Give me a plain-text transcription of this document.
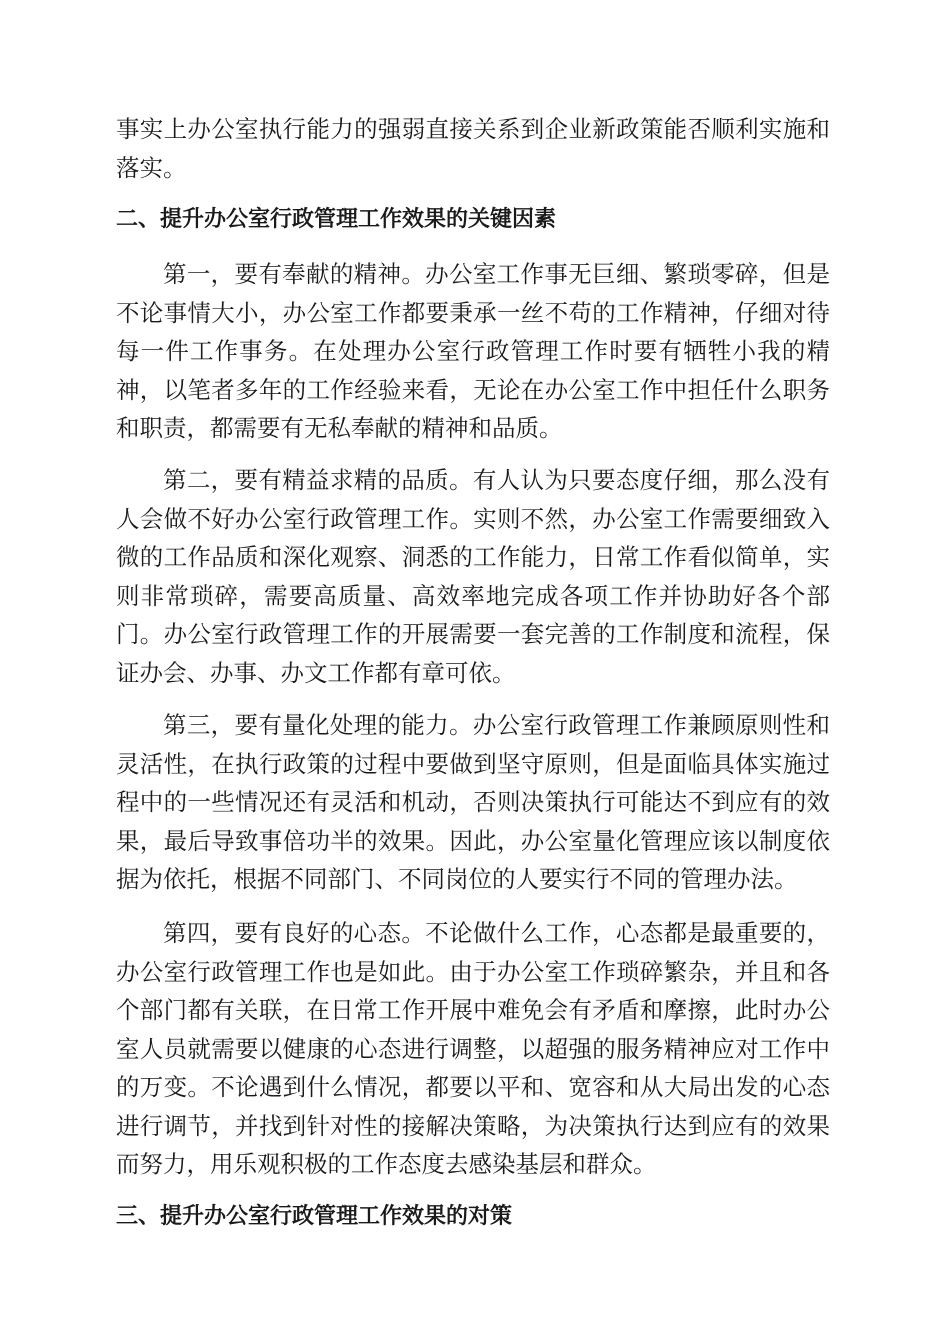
事实上办公室执行能力的强弱直接关系到企业新政策能否顺利实施和落实。

二、提升办公室行政管理工作效果的关键因素

第一，要有奉献的精神。办公室工作事无巨细、繁琐零碎，但是不论事情大小，办公室工作都要秉承一丝不苟的工作精神，仔细对待每一件工作事务。在处理办公室行政管理工作时要有牺牲小我的精神，以笔者多年的工作经验来看，无论在办公室工作中担任什么职务和职责，都需要有无私奉献的精神和品质。

第二，要有精益求精的品质。有人认为只要态度仔细，那么没有人会做不好办公室行政管理工作。实则不然，办公室工作需要细致入微的工作品质和深化观察、洞悉的工作能力，日常工作看似简单，实则非常琐碎，需要高质量、高效率地完成各项工作并协助好各个部门。办公室行政管理工作的开展需要一套完善的工作制度和流程，保证办会、办事、办文工作都有章可依。

第三，要有量化处理的能力。办公室行政管理工作兼顾原则性和灵活性，在执行政策的过程中要做到坚守原则，但是面临具体实施过程中的一些情况还有灵活和机动，否则决策执行可能达不到应有的效果，最后导致事倍功半的效果。因此，办公室量化管理应该以制度依据为依托，根据不同部门、不同岗位的人要实行不同的管理办法。

第四，要有良好的心态。不论做什么工作，心态都是最重要的，办公室行政管理工作也是如此。由于办公室工作琐碎繁杂，并且和各个部门都有关联，在日常工作开展中难免会有矛盾和摩擦，此时办公室人员就需要以健康的心态进行调整，以超强的服务精神应对工作中的万变。不论遇到什么情况，都要以平和、宽容和从大局出发的心态进行调节，并找到针对性的接解决策略，为决策执行达到应有的效果而努力，用乐观积极的工作态度去感染基层和群众。

三、提升办公室行政管理工作效果的对策
